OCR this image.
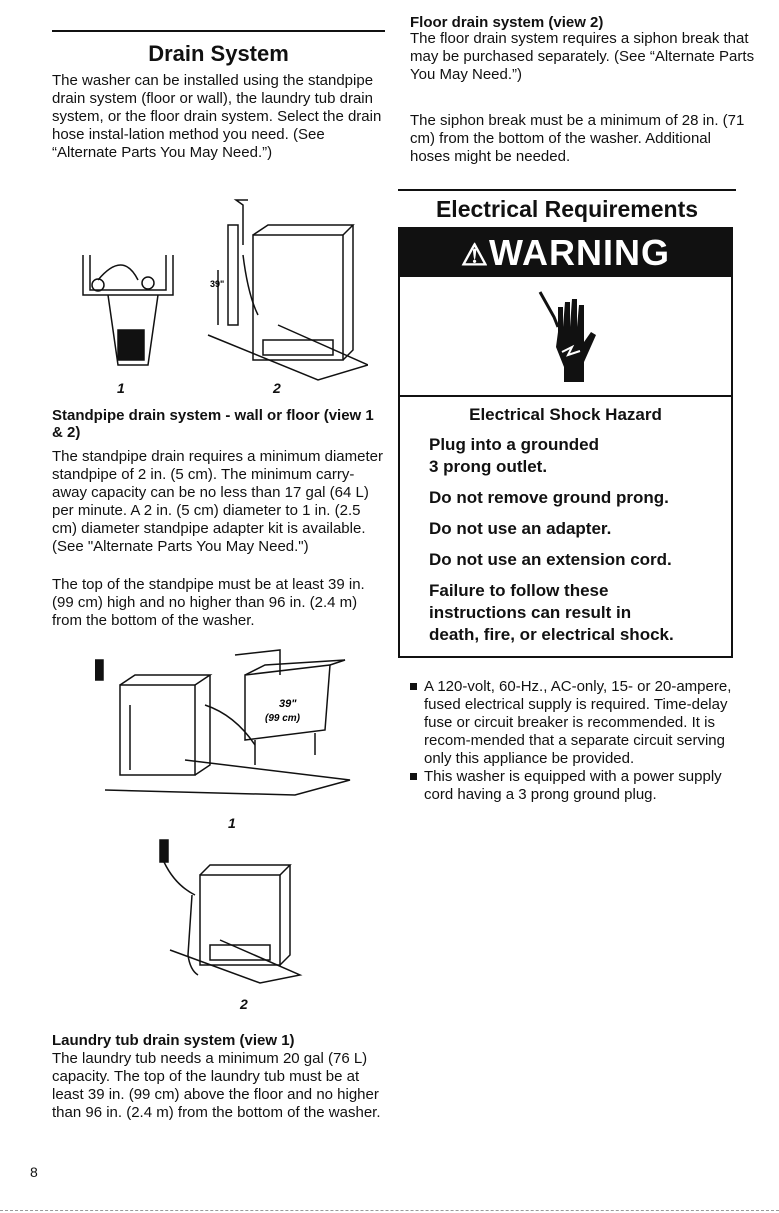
Drain System

The washer can be installed using the standpipe drain system (floor or wall), the laundry tub drain system, or the floor drain system. Select the drain hose instal-lation method you need. (See “Alternate Parts You May Need.”)

39"
1	2

Standpipe drain system - wall or floor (view 1 & 2)

The standpipe drain requires a minimum diameter standpipe of 2 in. (5 cm). The minimum carry-away capacity can be no less than 17 gal (64 L) per minute. A 2 in. (5 cm) diameter to 1 in. (2.5 cm) diameter standpipe adapter kit is available. (See "Alternate Parts You May Need.")

The top of the standpipe must be at least 39 in. (99 cm) high and no higher than 96 in. (2.4 m) from the bottom of the washer.

39"
(99 cm)
1
2

Laundry tub drain system (view 1)

The laundry tub needs a minimum 20 gal (76 L) capacity. The top of the laundry tub must be at least 39 in. (99 cm) above the floor and no higher than 96 in. (2.4 m) from the bottom of the washer.

Floor drain system (view 2)

The floor drain system requires a siphon break that may be purchased separately. (See “Alternate Parts You May Need.”)

The siphon break must be a minimum of 28 in. (71 cm) from the bottom of the washer. Additional hoses might be needed.

Electrical Requirements
⚠WARNING
Electrical Shock Hazard
Plug into a grounded
3 prong outlet.
Do not remove ground prong.
Do not use an adapter.
Do not use an extension cord.
Failure to follow these
instructions can result in
death, fire, or electrical shock.
A 120-volt, 60-Hz., AC-only, 15- or 20-ampere, fused electrical supply is required. Time-delay fuse or circuit breaker is recommended. It is recom-mended that a separate circuit serving only this appliance be provided.
This washer is equipped with a power supply cord having a 3 prong ground plug.
8
